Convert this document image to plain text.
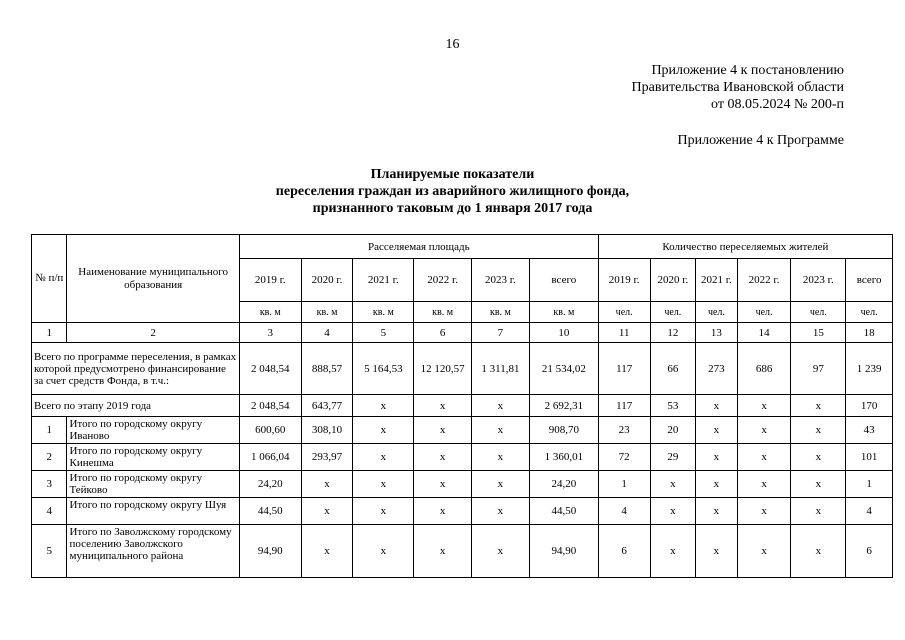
16
Приложение 4 к постановлению
Правительства Ивановской области
от 08.05.2024 № 200-п
Приложение 4 к Программе
Планируемые показатели
переселения граждан из аварийного жилищного фонда,
признанного таковым до 1 января 2017 года
№ п/п	Наименование муниципального образования	Расселяемая площадь						Количество переселяемых жителей					
		2019 г.	2020 г.	2021 г.	2022 г.	2023 г.	всего	2019 г.	2020 г.	2021 г.	2022 г.	2023 г.	всего
		кв. м	кв. м	кв. м	кв. м	кв. м	кв. м	чел.	чел.	чел.	чел.	чел.	чел.
1	2	3	4	5	6	7	10	11	12	13	14	15	18
Всего по программе переселения, в рамках которой предусмотрено финансирование за счет средств Фонда, в т.ч.:		2 048,54	888,57	5 164,53	12 120,57	1 311,81	21 534,02	117	66	273	686	97	1 239
Всего по этапу 2019 года		2 048,54	643,77	x	x	x	2 692,31	117	53	x	x	x	170
1	Итого по городскому округу Иваново	600,60	308,10	x	x	x	908,70	23	20	x	x	x	43
2	Итого по городскому округу Кинешма	1 066,04	293,97	x	x	x	1 360,01	72	29	x	x	x	101
3	Итого по городскому округу Тейково	24,20	x	x	x	x	24,20	1	x	x	x	x	1
4	Итого по городскому округу Шуя	44,50	x	x	x	x	44,50	4	x	x	x	x	4
5	Итого по Заволжскому городскому поселению Заволжского муниципального района	94,90	x	x	x	x	94,90	6	x	x	x	x	6
